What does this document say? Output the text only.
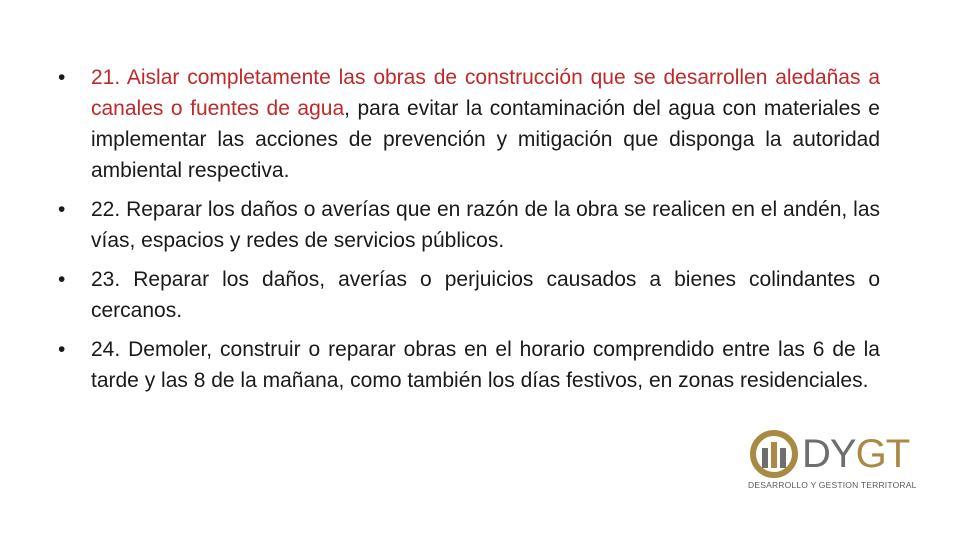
•	21. Aislar completamente las obras de construcción que se desarrollen aledañas a canales o fuentes de agua, para evitar la contaminación del agua con materiales e implementar las acciones de prevención y mitigación que disponga la autoridad ambiental respectiva.
•	22. Reparar los daños o averías que en razón de la obra se realicen en el andén, las vías, espacios y redes de servicios públicos.
•	23. Reparar los daños, averías o perjuicios causados a bienes colindantes o cercanos.
•	24. Demoler, construir o reparar obras en el horario comprendido entre las 6 de la tarde y las 8 de la mañana, como también los días festivos, en zonas residenciales.
DYGT
DESARROLLO Y GESTION TERRITORAL
